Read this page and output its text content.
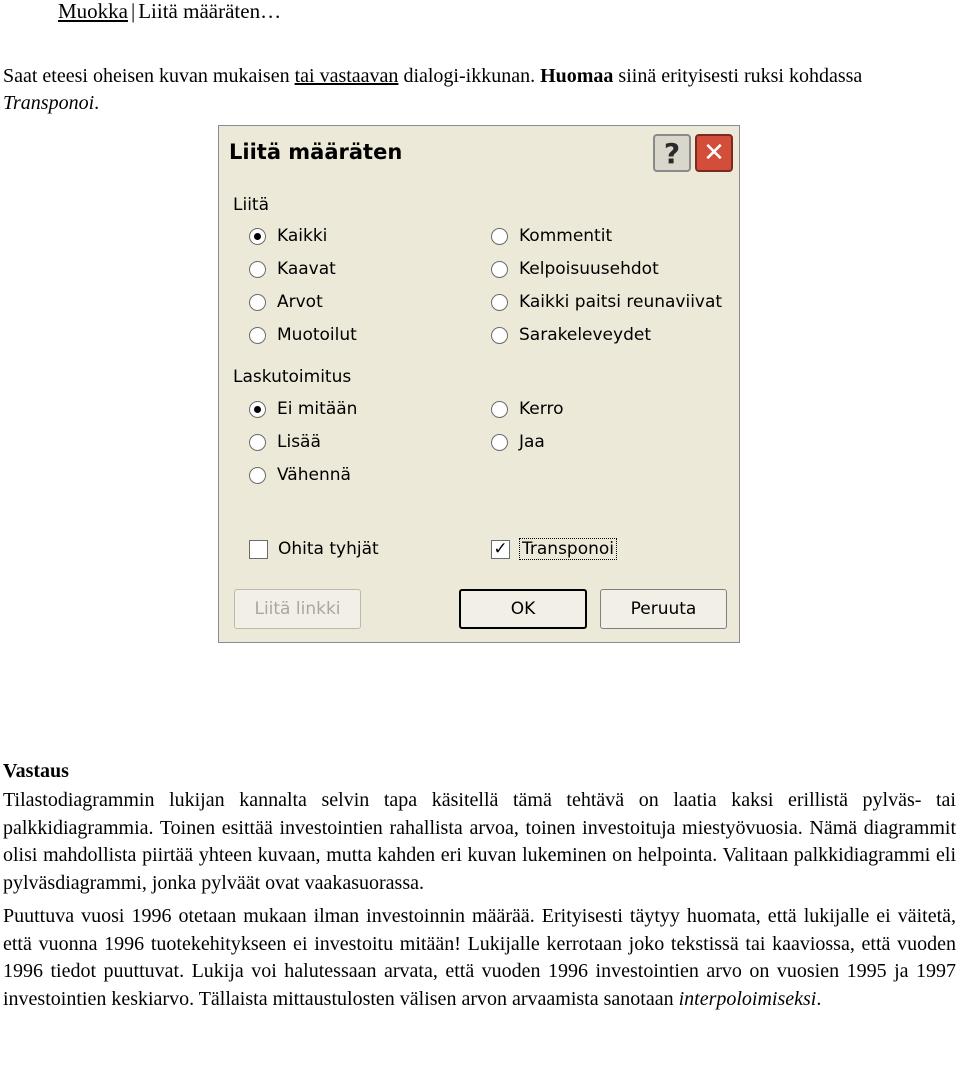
Muokka | Liitä määräten…

Saat eteesi oheisen kuvan mukaisen tai vastaavan dialogi-ikkunan. Huomaa siinä erityisesti ruksi kohdassa Transponoi.

Liitä määräten	? ✕
Liitä
Kaikki
Kaavat
Arvot
Muotoilut
Kommentit
Kelpoisuusehdot
Kaikki paitsi reunaviivat
Sarakeleveydet
Laskutoimitus
Ei mitään
Lisää
Vähennä
Kerro
Jaa
Ohita tyhjät	✓ Transponoi
Liitä linkki	OK	Peruuta
Vastaus

Tilastodiagrammin lukijan kannalta selvin tapa käsitellä tämä tehtävä on laatia kaksi erillistä pylväs- tai palkkidiagrammia. Toinen esittää investointien rahallista arvoa, toinen investoituja miestyövuosia. Nämä diagrammit olisi mahdollista piirtää yhteen kuvaan, mutta kahden eri kuvan lukeminen on helpointa. Valitaan palkkidiagrammi eli pylväsdiagrammi, jonka pylväät ovat vaakasuorassa.

Puuttuva vuosi 1996 otetaan mukaan ilman investoinnin määrää. Erityisesti täytyy huomata, että lukijalle ei väitetä, että vuonna 1996 tuotekehitykseen ei investoitu mitään! Lukijalle kerrotaan joko tekstissä tai kaaviossa, että vuoden 1996 tiedot puuttuvat. Lukija voi halutessaan arvata, että vuoden 1996 investointien arvo on vuosien 1995 ja 1997 investointien keskiarvo. Tällaista mittaustulosten välisen arvon arvaamista sanotaan interpoloimiseksi.
